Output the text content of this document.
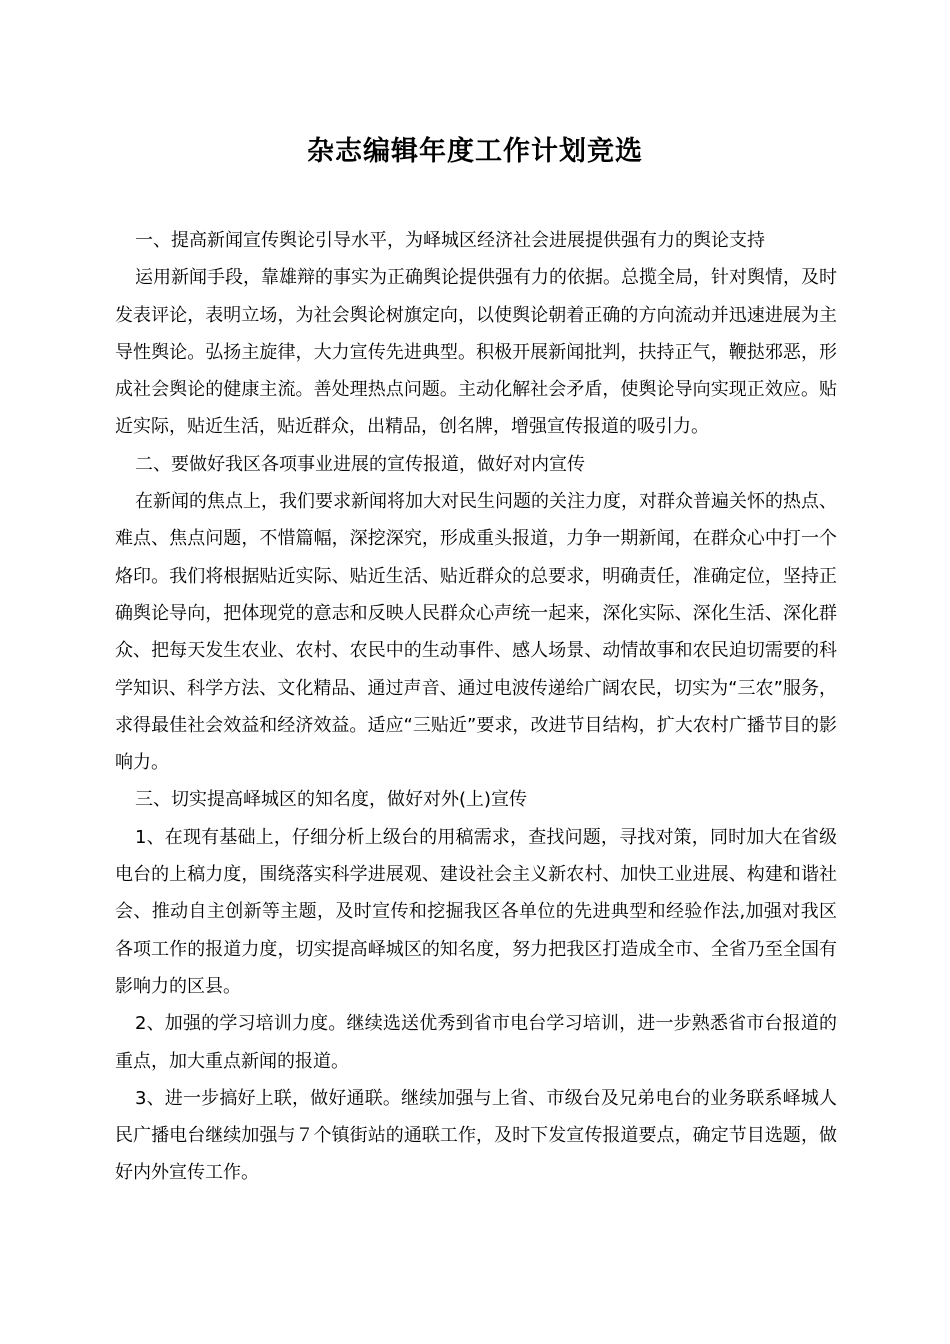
杂志编辑年度工作计划竞选

一、提高新闻宣传舆论引导水平，为峄城区经济社会进展提供强有力的舆论支持

运用新闻手段，靠雄辩的事实为正确舆论提供强有力的依据。总揽全局，针对舆情，及时发表评论，表明立场，为社会舆论树旗定向，以使舆论朝着正确的方向流动并迅速进展为主导性舆论。弘扬主旋律，大力宣传先进典型。积极开展新闻批判，扶持正气，鞭挞邪恶，形成社会舆论的健康主流。善处理热点问题。主动化解社会矛盾，使舆论导向实现正效应。贴近实际，贴近生活，贴近群众，出精品，创名牌，增强宣传报道的吸引力。

二、要做好我区各项事业进展的宣传报道，做好对内宣传

在新闻的焦点上，我们要求新闻将加大对民生问题的关注力度，对群众普遍关怀的热点、难点、焦点问题，不惜篇幅，深挖深究，形成重头报道，力争一期新闻，在群众心中打一个烙印。我们将根据贴近实际、贴近生活、贴近群众的总要求，明确责任，准确定位，坚持正确舆论导向，把体现党的意志和反映人民群众心声统一起来，深化实际、深化生活、深化群众、把每天发生农业、农村、农民中的生动事件、感人场景、动情故事和农民迫切需要的科学知识、科学方法、文化精品、通过声音、通过电波传递给广阔农民，切实为“三农”服务，求得最佳社会效益和经济效益。适应“三贴近”要求，改进节目结构，扩大农村广播节目的影响力。

三、切实提高峄城区的知名度，做好对外(上)宣传

1、在现有基础上，仔细分析上级台的用稿需求，查找问题，寻找对策，同时加大在省级电台的上稿力度，围绕落实科学进展观、建设社会主义新农村、加快工业进展、构建和谐社会、推动自主创新等主题，及时宣传和挖掘我区各单位的先进典型和经验作法,加强对我区各项工作的报道力度，切实提高峄城区的知名度，努力把我区打造成全市、全省乃至全国有影响力的区县。

2、加强的学习培训力度。继续选送优秀到省市电台学习培训，进一步熟悉省市台报道的重点，加大重点新闻的报道。

3、进一步搞好上联，做好通联。继续加强与上省、市级台及兄弟电台的业务联系峄城人民广播电台继续加强与７个镇街站的通联工作，及时下发宣传报道要点，确定节目选题，做好内外宣传工作。
